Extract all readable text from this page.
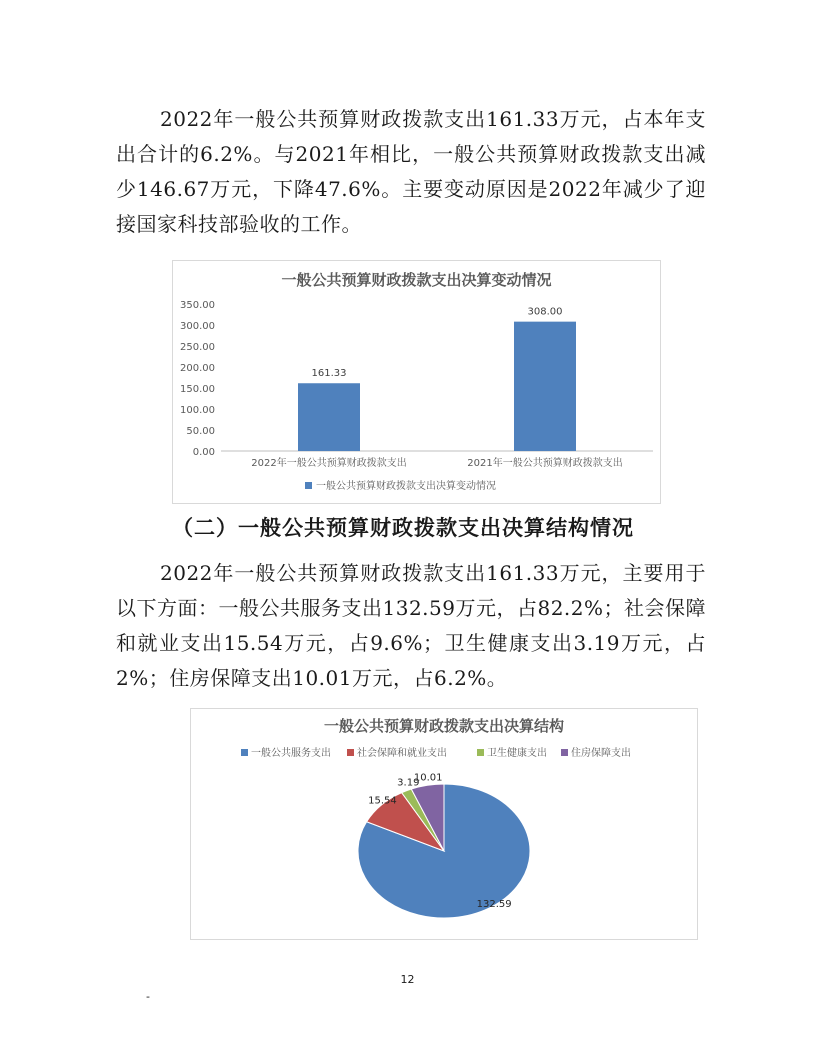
2022年一般公共预算财政拨款支出161.33万元，占本年支出合计的6.2%。与2021年相比，一般公共预算财政拨款支出减少146.67万元，下降47.6%。主要变动原因是2022年减少了迎接国家科技部验收的工作。

一般公共预算财政拨款支出决算变动情况
0.00
50.00
100.00
150.00
200.00
250.00
300.00
350.00
161.33
2022年一般公共预算财政拨款支出
308.00
2021年一般公共预算财政拨款支出
一般公共预算财政拨款支出决算变动情况
（二）一般公共预算财政拨款支出决算结构情况

2022年一般公共预算财政拨款支出161.33万元，主要用于以下方面：一般公共服务支出132.59万元，占82.2%；社会保障和就业支出15.54万元，占9.6%；卫生健康支出3.19万元，占2%；住房保障支出10.01万元，占6.2%。

一般公共预算财政拨款支出决算结构
一般公共服务支出	社会保障和就业支出	卫生健康支出 住房保障支出
132.59
15.54
3.19
10.01
12
-
